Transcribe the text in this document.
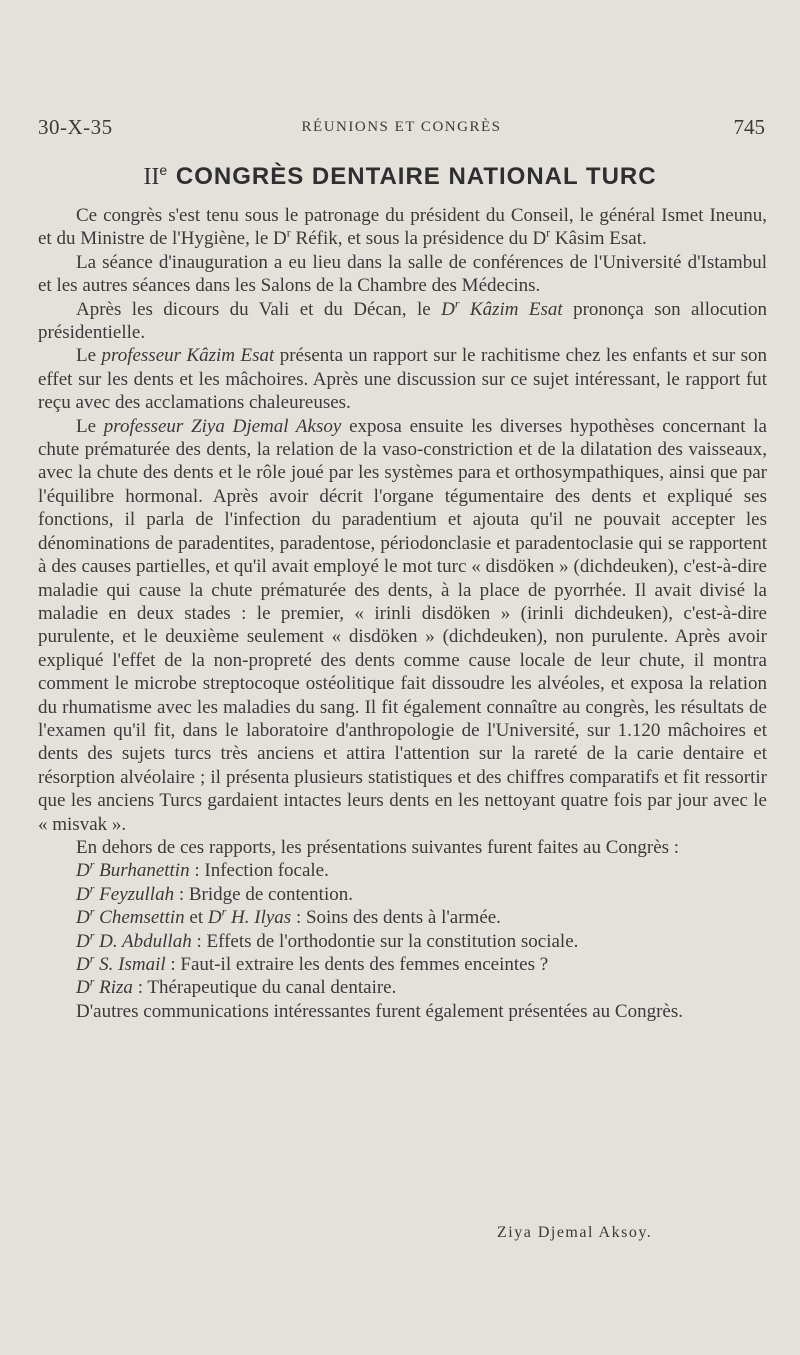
30-X-35	RÉUNIONS ET CONGRÈS	745
IIe CONGRÈS DENTAIRE NATIONAL TURC

Ce congrès s'est tenu sous le patronage du président du Conseil, le général Ismet Ineunu, et du Ministre de l'Hygiène, le $D^r$ Réfik, et sous la présidence du $D^r$ Kâsim Esat.

La séance d'inauguration a eu lieu dans la salle de conférences de l'Université d'Istambul et les autres séances dans les Salons de la Chambre des Médecins.

Après les dicours du Vali et du Décan, le $D^r$ Kâzim Esat prononça son allocution présidentielle.

Le professeur Kâzim Esat présenta un rapport sur le rachitisme chez les enfants et sur son effet sur les dents et les mâchoires. Après une discussion sur ce sujet intéressant, le rapport fut reçu avec des acclamations chaleureuses.

Le professeur Ziya Djemal Aksoy exposa ensuite les diverses hypothèses concernant la chute prématurée des dents, la relation de la vaso-constriction et de la dilatation des vaisseaux, avec la chute des dents et le rôle joué par les systèmes para et orthosympathiques, ainsi que par l'équilibre hormonal. Après avoir décrit l'organe tégumentaire des dents et expliqué ses fonctions, il parla de l'infection du paradentium et ajouta qu'il ne pouvait accepter les dénominations de paradentites, paradentose, périodonclasie et paradentoclasie qui se rapportent à des causes partielles, et qu'il avait employé le mot turc « disdöken » (dichdeuken), c'est-à-dire maladie qui cause la chute prématurée des dents, à la place de pyorrhée. Il avait divisé la maladie en deux stades : le premier, « irinli disdöken » (irinli dichdeuken), c'est-à-dire purulente, et le deuxième seulement « disdöken » (dichdeuken), non purulente. Après avoir expliqué l'effet de la non-propreté des dents comme cause locale de leur chute, il montra comment le microbe streptocoque ostéolitique fait dissoudre les alvéoles, et exposa la relation du rhumatisme avec les maladies du sang. Il fit également connaître au congrès, les résultats de l'examen qu'il fit, dans le laboratoire d'anthropologie de l'Université, sur 1.120 mâchoires et dents des sujets turcs très anciens et attira l'attention sur la rareté de la carie dentaire et résorption alvéolaire ; il présenta plusieurs statistiques et des chiffres comparatifs et fit ressortir que les anciens Turcs gardaient intactes leurs dents en les nettoyant quatre fois par jour avec le « misvak ».

En dehors de ces rapports, les présentations suivantes furent faites au Congrès :

$D^r$ Burhanettin : Infection focale.

$D^r$ Feyzullah : Bridge de contention.

$D^r$ Chemsettin et $D^r$ H. Ilyas : Soins des dents à l'armée.

$D^r$ D. Abdullah : Effets de l'orthodontie sur la constitution sociale.

$D^r$ S. Ismail : Faut-il extraire les dents des femmes enceintes ?

$D^r$ Riza : Thérapeutique du canal dentaire.

D'autres communications intéressantes furent également présentées au Congrès.

Ziya Djemal Aksoy.
